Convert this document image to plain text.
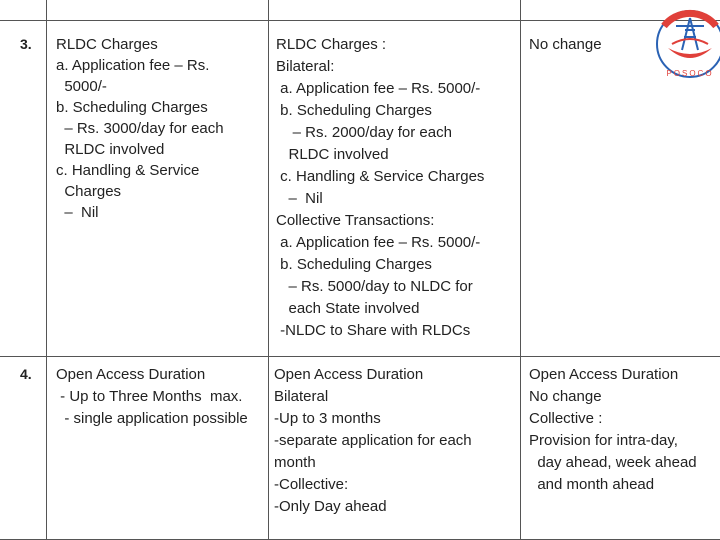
3. RLDC Charges
a. Application fee – Rs.
5000/-
b. Scheduling Charges
– Rs. 3000/day for each
RLDC involved
c. Handling & Service
Charges
–  Nil
RLDC Charges :
Bilateral:
a. Application fee – Rs. 5000/-
b. Scheduling Charges
– Rs. 2000/day for each
RLDC involved
c. Handling & Service Charges
–  Nil
Collective Transactions:
a. Application fee – Rs. 5000/-
b. Scheduling Charges
– Rs. 5000/day to NLDC for
each State involved
-NLDC to Share with RLDCs
No change
4. Open Access Duration
- Up to Three Months  max.
- single application possible
Open Access Duration
Bilateral
-Up to 3 months
-separate application for each
month
-Collective:
-Only Day ahead
Open Access Duration
No change
Collective :
Provision for intra-day,
day ahead, week ahead
and month ahead
POSOCO
